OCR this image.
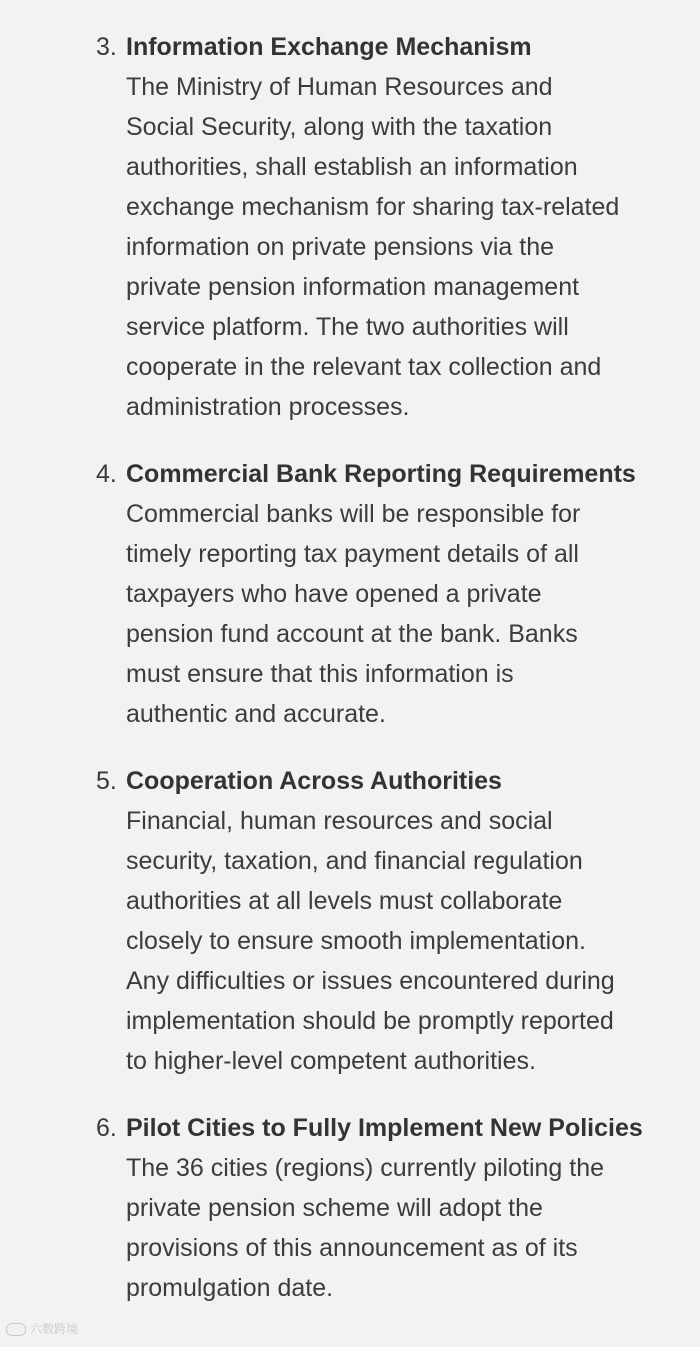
3. Information Exchange Mechanism
The Ministry of Human Resources and
Social Security, along with the taxation
authorities, shall establish an information
exchange mechanism for sharing tax-related
information on private pensions via the
private pension information management
service platform. The two authorities will
cooperate in the relevant tax collection and
administration processes.
4. Commercial Bank Reporting Requirements
Commercial banks will be responsible for
timely reporting tax payment details of all
taxpayers who have opened a private
pension fund account at the bank. Banks
must ensure that this information is
authentic and accurate.
5. Cooperation Across Authorities
Financial, human resources and social
security, taxation, and financial regulation
authorities at all levels must collaborate
closely to ensure smooth implementation.
Any difficulties or issues encountered during
implementation should be promptly reported
to higher-level competent authorities.
6. Pilot Cities to Fully Implement New Policies
The 36 cities (regions) currently piloting the
private pension scheme will adopt the
provisions of this announcement as of its
promulgation date.
六数跨境
